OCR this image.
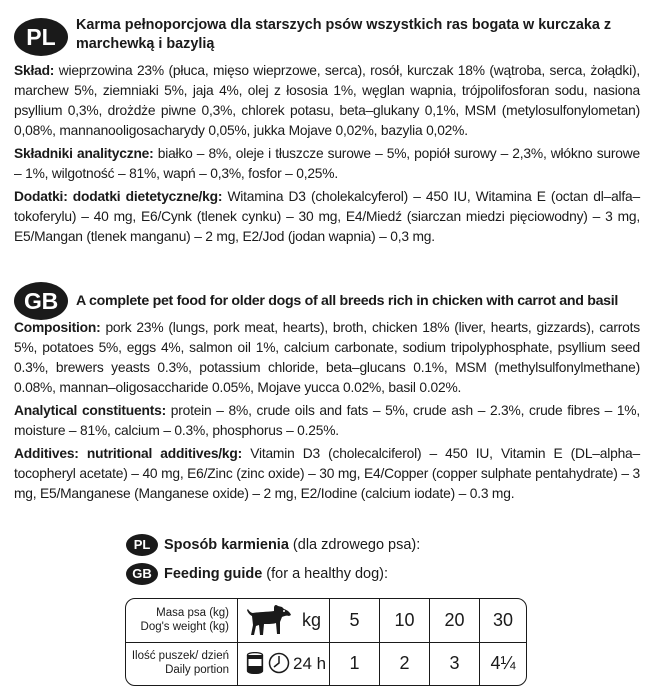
PL	Karma pełnoporcjowa dla starszych psów wszystkich ras bogata w kurczaka z marchewką i bazylią

Skład: wieprzowina 23% (płuca, mięso wieprzowe, serca), rosół, kurczak 18% (wątroba, serca, żołądki), marchew 5%, ziemniaki 5%, jaja 4%, olej z łososia 1%, węglan wapnia, trójpolifosforan sodu, nasiona psyllium 0,3%, drożdże piwne 0,3%, chlorek potasu, beta–glukany 0,1%, MSM (metylosulfonylometan) 0,08%, mannanooligosacharydy 0,05%, jukka Mojave 0,02%, bazylia 0,02%.

Składniki analityczne: białko – 8%, oleje i tłuszcze surowe – 5%, popiół surowy – 2,3%, włókno surowe – 1%, wilgotność – 81%, wapń – 0,3%, fosfor – 0,25%.

Dodatki: dodatki dietetyczne/kg: Witamina D3 (cholekalcyferol) – 450 IU, Witamina E (octan dl–alfa–tokoferylu) – 40 mg, E6/Cynk (tlenek cynku) – 30 mg, E4/Miedź (siarczan miedzi pięciowodny) – 3 mg, E5/Mangan (tlenek manganu) – 2 mg, E2/Jod (jodan wapnia) – 0,3 mg.

GB	A complete pet food for older dogs of all breeds rich in chicken with carrot and basil

Composition: pork 23% (lungs, pork meat, hearts), broth, chicken 18% (liver, hearts, gizzards), carrots 5%, potatoes 5%, eggs 4%, salmon oil 1%, calcium carbonate, sodium tripolyphosphate, psyllium seed 0.3%, brewers yeasts 0.3%, potassium chloride, beta–glucans 0.1%, MSM (methylsulfonylmethane) 0.08%, mannan–oligosaccharide 0.05%, Mojave yucca 0.02%, basil 0.02%.

Analytical constituents: protein – 8%, crude oils and fats – 5%, crude ash – 2.3%, crude fibres – 1%, moisture – 81%, calcium – 0.3%, phosphorus – 0.25%.

Additives: nutritional additives/kg: Vitamin D3 (cholecalciferol) – 450 IU, Vitamin E (DL–alpha–tocopheryl acetate) – 40 mg, E6/Zinc (zinc oxide) – 30 mg, E4/Copper (copper sulphate pentahydrate) – 3 mg, E5/Manganese (Manganese oxide) – 2 mg, E2/Iodine (calcium iodate) – 0.3 mg.

PL Sposób karmienia (dla zdrowego psa):
GB Feeding guide (for a healthy dog):
Masa psa (kg)
Dog's weight (kg)	kg	5	10	20	30
Ilość puszek/ dzień
Daily portion	24 h	1	2	3	4¼
